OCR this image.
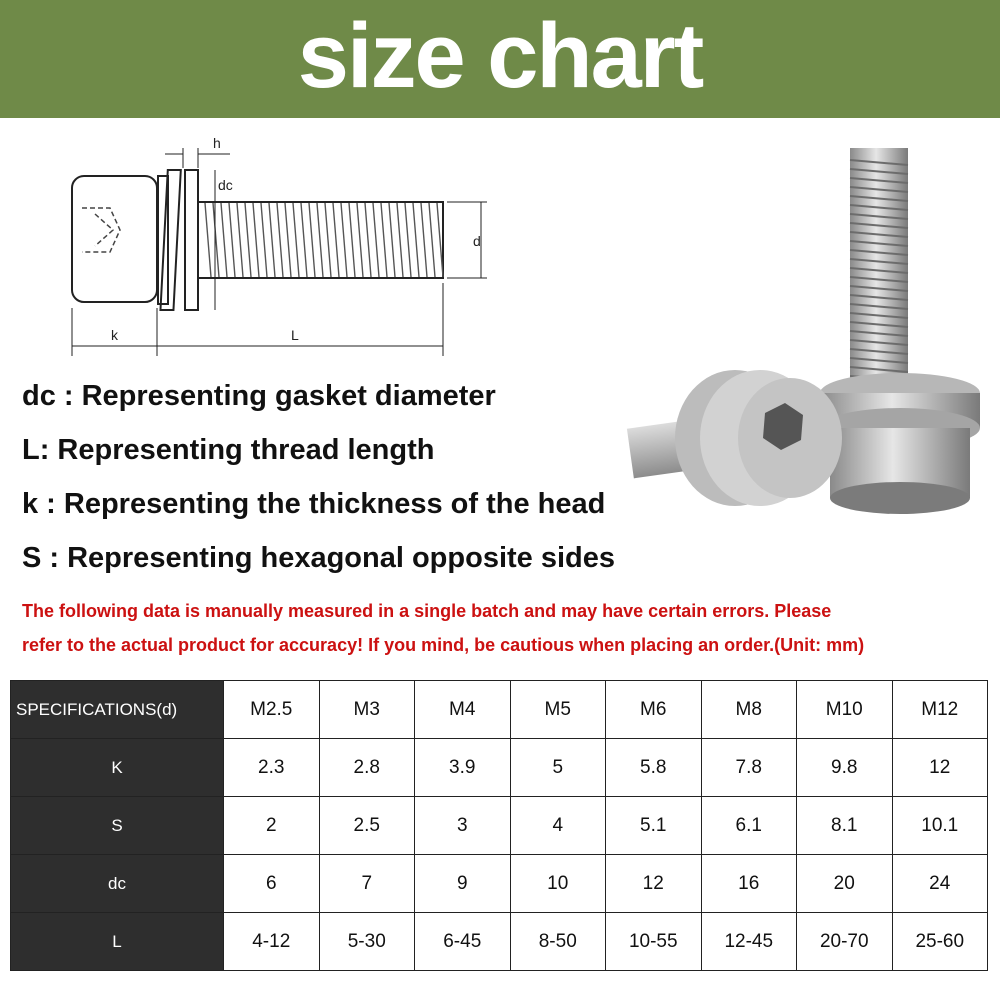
size chart
h
dc
d
k	L
dc : Representing gasket diameter
L: Representing thread length
k : Representing the thickness of the head
S : Representing hexagonal opposite sides
The following data is manually measured in a single batch and may have certain errors. Please
refer to the actual product for accuracy! If you mind, be cautious when placing an order.(Unit: mm)
SPECIFICATIONS(d)	M2.5	M3	M4	M5	M6	M8	M10	M12
K	2.3	2.8	3.9	5	5.8	7.8	9.8	12
S	2	2.5	3	4	5.1	6.1	8.1	10.1
dc	6	7	9	10	12	16	20	24
L	4-12	5-30	6-45	8-50	10-55	12-45	20-70	25-60
